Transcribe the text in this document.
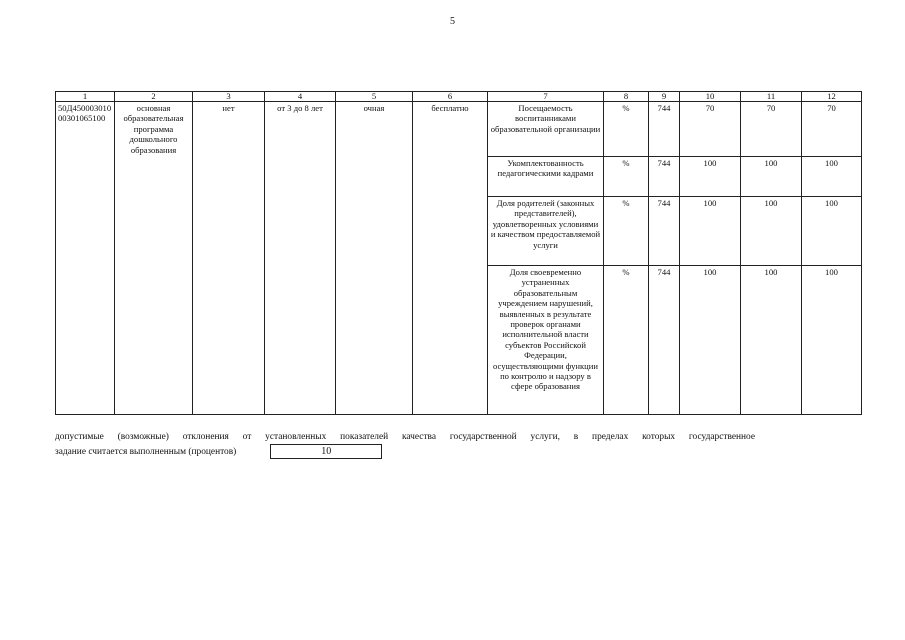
5
1	2	3	4	5	6	7	8	9	10	11	12

50Д450003010
00301065100	основная образовательная программа дошкольного образования	нет	от 3 до 8 лет	очная	бесплатно	Посещаемость воспитанниками образовательной организации	%	744	70	70	70
						Укомплектованность педагогическими кадрами	%	744	100	100	100
						Доля родителей (законных представителей), удовлетворенных условиями и качеством предоставляемой услуги	%	744	100	100	100
						Доля своевременно устраненных образовательным учреждением нарушений, выявленных в результате проверок органами исполнительной власти субъектов Российской Федерации, осуществляющими функции по контролю и надзору в сфере образования	%	744	100	100	100
допустимые (возможные) отклонения от установленных показателей качества государственной услуги, в пределах которых государственное
задание считается выполненным (процентов)	10
